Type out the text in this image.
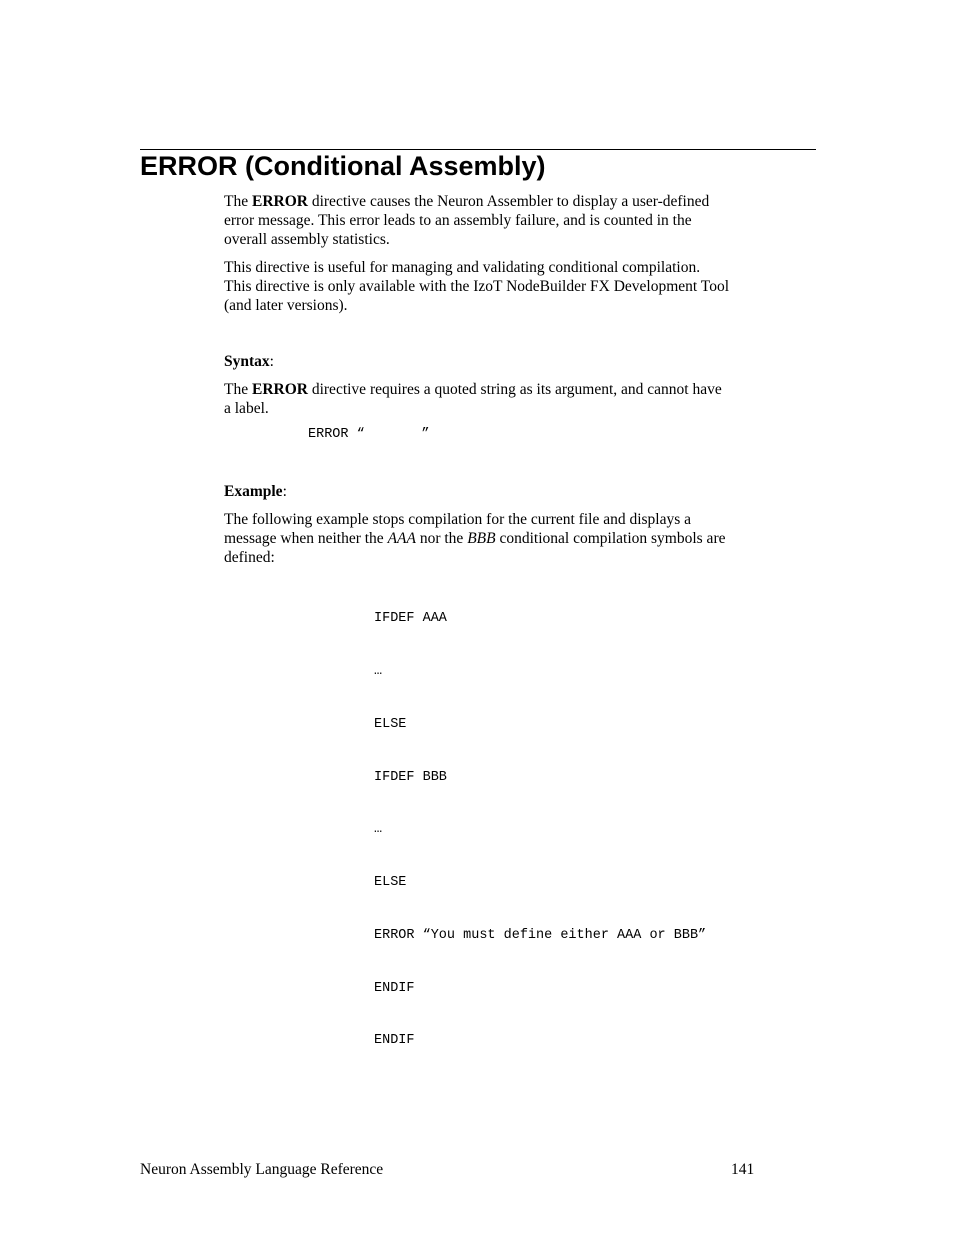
ERROR (Conditional Assembly)

The ERROR directive causes the Neuron Assembler to display a user-defined
error message. This error leads to an assembly failure, and is counted in the
overall assembly statistics.

This directive is useful for managing and validating conditional compilation.
This directive is only available with the IzoT NodeBuilder FX Development Tool
(and later versions).

Syntax:

The ERROR directive requires a quoted string as its argument, and cannot have
a label.

ERROR “       ”

Example:

The following example stops compilation for the current file and displays a
message when neither the AAA nor the BBB conditional compilation symbols are
defined:

IFDEF AAA

…

ELSE

IFDEF BBB

…

ELSE

ERROR “You must define either AAA or BBB”

ENDIF

ENDIF

Neuron Assembly Language Reference	141
